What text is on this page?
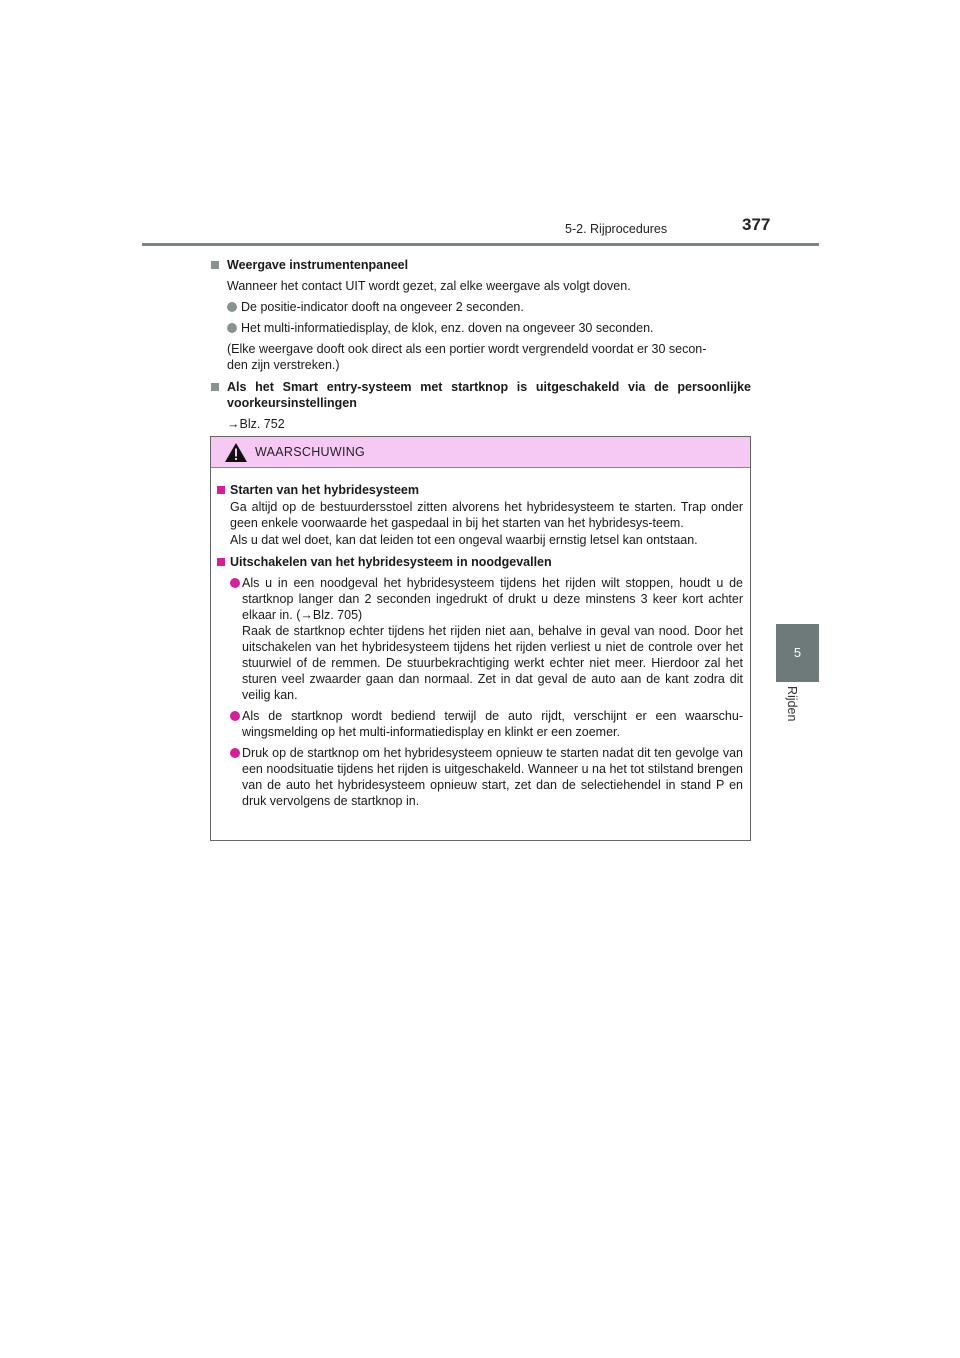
5-2. Rijprocedures	377
5
Rijden
Weergave instrumentenpaneel
Wanneer het contact UIT wordt gezet, zal elke weergave als volgt doven.
De positie-indicator dooft na ongeveer 2 seconden.
Het multi-informatiedisplay, de klok, enz. doven na ongeveer 30 seconden.
(Elke weergave dooft ook direct als een portier wordt vergrendeld voordat er 30 secon-
den zijn verstreken.)
Als het Smart entry-systeem met startknop is uitgeschakeld via de persoonlijke voorkeursinstellingen
→Blz. 752
WAARSCHUWING
Starten van het hybridesysteem
Ga altijd op de bestuurdersstoel zitten alvorens het hybridesysteem te starten. Trap onder geen enkele voorwaarde het gaspedaal in bij het starten van het hybridesys-teem.
Als u dat wel doet, kan dat leiden tot een ongeval waarbij ernstig letsel kan ontstaan.
Uitschakelen van het hybridesysteem in noodgevallen
Als u in een noodgeval het hybridesysteem tijdens het rijden wilt stoppen, houdt u de startknop langer dan 2 seconden ingedrukt of drukt u deze minstens 3 keer kort achter elkaar in. (→Blz. 705)
Raak de startknop echter tijdens het rijden niet aan, behalve in geval van nood. Door het uitschakelen van het hybridesysteem tijdens het rijden verliest u niet de controle over het stuurwiel of de remmen. De stuurbekrachtiging werkt echter niet meer. Hierdoor zal het sturen veel zwaarder gaan dan normaal. Zet in dat geval de auto aan de kant zodra dit veilig kan.
Als de startknop wordt bediend terwijl de auto rijdt, verschijnt er een waarschu-wingsmelding op het multi-informatiedisplay en klinkt er een zoemer.
Druk op de startknop om het hybridesysteem opnieuw te starten nadat dit ten gevolge van een noodsituatie tijdens het rijden is uitgeschakeld. Wanneer u na het tot stilstand brengen van de auto het hybridesysteem opnieuw start, zet dan de selectiehendel in stand P en druk vervolgens de startknop in.
